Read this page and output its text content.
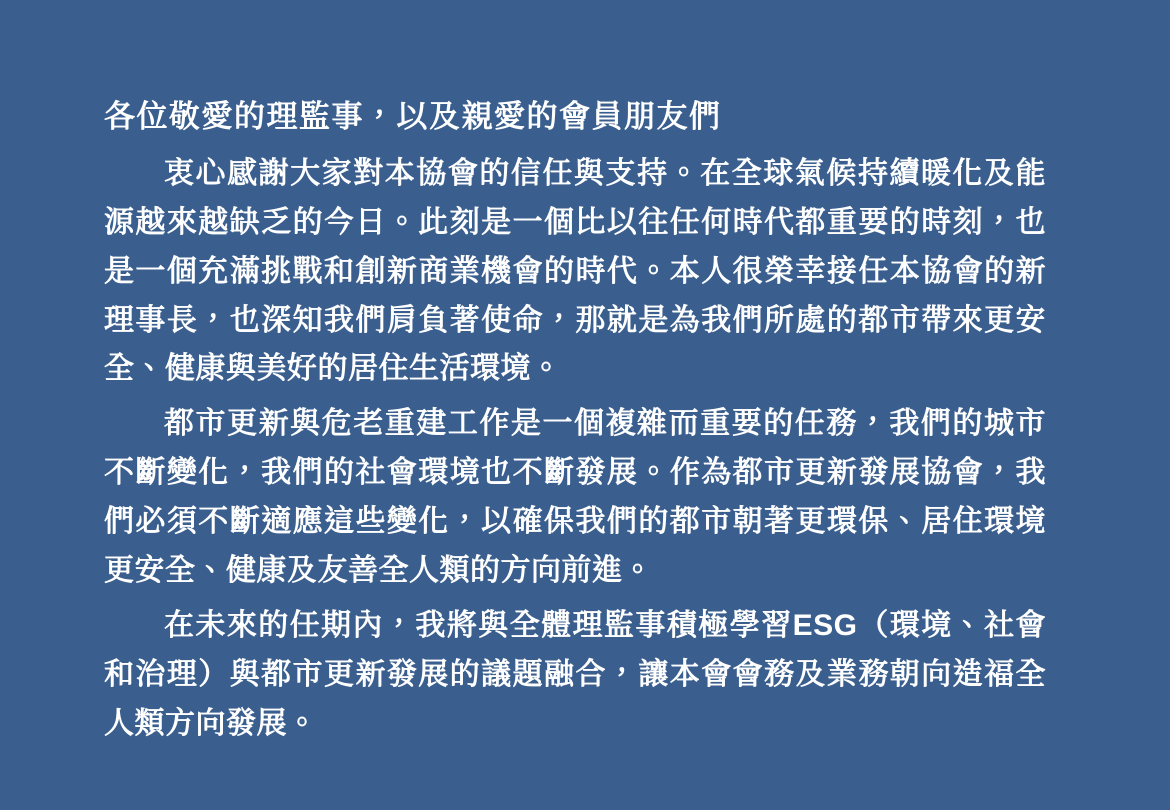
各位敬愛的理監事，以及親愛的會員朋友們

衷心感謝大家對本協會的信任與支持。在全球氣候持續暖化及能源越來越缺乏的今日。此刻是一個比以往任何時代都重要的時刻，也是一個充滿挑戰和創新商業機會的時代。本人很榮幸接任本協會的新理事長，也深知我們肩負著使命，那就是為我們所處的都市帶來更安全、健康與美好的居住生活環境。

都市更新與危老重建工作是一個複雜而重要的任務，我們的城市不斷變化，我們的社會環境也不斷發展。作為都市更新發展協會，我們必須不斷適應這些變化，以確保我們的都市朝著更環保、居住環境更安全、健康及友善全人類的方向前進。

在未來的任期內，我將與全體理監事積極學習ESG（環境、社會和治理）與都市更新發展的議題融合，讓本會會務及業務朝向造福全人類方向發展。
